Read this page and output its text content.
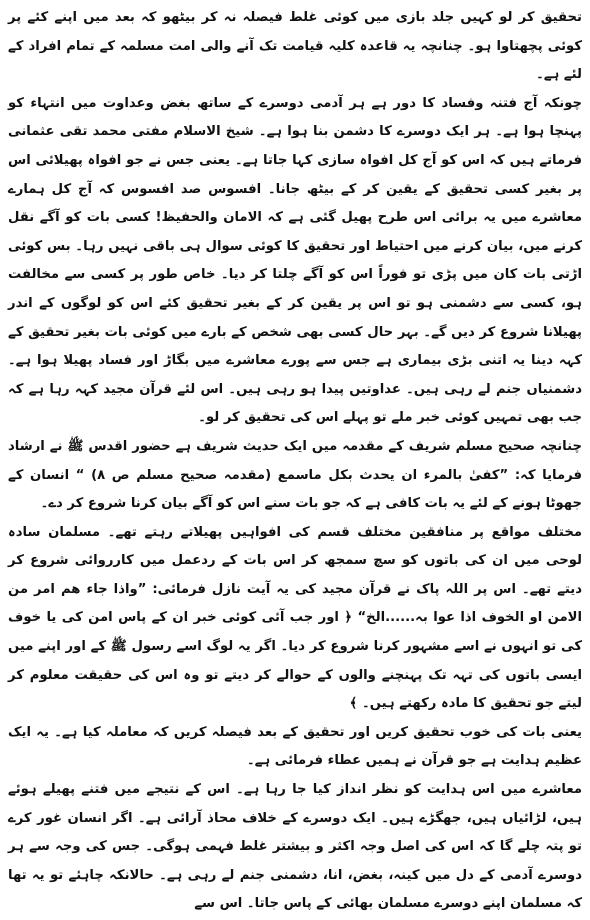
تحقیق کر لو کہیں جلد بازی میں کوئی غلط فیصلہ نہ کر بیٹھو کہ بعد میں اپنے کئے پر کوئی پچھتاوا ہو۔ چنانچہ یہ قاعدہ کلیہ قیامت تک آنے والی امت مسلمہ کے تمام افراد کے لئے ہے۔

چونکہ آج فتنہ وفساد کا دور ہے ہر آدمی دوسرے کے ساتھ بغض وعداوت میں انتہاء کو پہنچا ہوا ہے۔ ہر ایک دوسرے کا دشمن بنا ہوا ہے۔ شیخ الاسلام مفتی محمد تقی عثمانی فرماتے ہیں کہ اس کو آج کل افواہ سازی کہا جاتا ہے۔ یعنی جس نے جو افواہ پھیلائی اس پر بغیر کسی تحقیق کے یقین کر کے بیٹھ جانا۔ افسوس صد افسوس کہ آج کل ہمارے معاشرے میں یہ برائی اس طرح پھیل گئی ہے کہ الامان والحفیظ! کسی بات کو آگے نقل کرنے میں، بیان کرنے میں احتیاط اور تحقیق کا کوئی سوال ہی باقی نہیں رہا۔ بس کوئی اڑتی بات کان میں پڑی تو فوراً اس کو آگے چلتا کر دیا۔ خاص طور پر کسی سے مخالفت ہو، کسی سے دشمنی ہو تو اس پر یقین کر کے بغیر تحقیق کئے اس کو لوگوں کے اندر پھیلانا شروع کر دیں گے۔ بہر حال کسی بھی شخص کے بارے میں کوئی بات بغیر تحقیق کے کہہ دینا یہ اتنی بڑی بیماری ہے جس سے پورے معاشرے میں بگاڑ اور فساد پھیلا ہوا ہے۔ دشمنیاں جنم لے رہی ہیں۔ عداوتیں پیدا ہو رہی ہیں۔ اس لئے قرآن مجید کہہ رہا ہے کہ جب بھی تمہیں کوئی خبر ملے تو پہلے اس کی تحقیق کر لو۔

چنانچہ صحیح مسلم شریف کے مقدمہ میں ایک حدیث شریف ہے حضور اقدس ﷺ نے ارشاد فرمایا کہ: ”کفیٰ بالمرء ان یحدث بکل ماسمع (مقدمہ صحیح مسلم ص ٨) “ انسان کے جھوٹا ہونے کے لئے یہ بات کافی ہے کہ جو بات سنے اس کو آگے بیان کرنا شروع کر دے۔

مختلف مواقع پر منافقین مختلف قسم کی افواہیں پھیلاتے رہتے تھے۔ مسلمان سادہ لوحی میں ان کی باتوں کو سچ سمجھ کر اس بات کے ردعمل میں کارروائی شروع کر دیتے تھے۔ اس پر اللہ پاک نے قرآن مجید کی یہ آیت نازل فرمائی: ”واذا جاء ھم امر من الامن او الخوف اذا عوا بہ......الخ“ ﴿ اور جب آئی کوئی خبر ان کے پاس امن کی یا خوف کی تو انہوں نے اسے مشہور کرنا شروع کر دیا۔ اگر یہ لوگ اسے رسول ﷺ کے اور اپنے میں ایسی باتوں کی تہہ تک پہنچنے والوں کے حوالے کر دیتے تو وہ اس کی حقیقت معلوم کر لیتے جو تحقیق کا مادہ رکھتے ہیں۔ ﴾

یعنی بات کی خوب تحقیق کریں اور تحقیق کے بعد فیصلہ کریں کہ معاملہ کیا ہے۔ یہ ایک عظیم ہدایت ہے جو قرآن نے ہمیں عطاء فرمائی ہے۔

معاشرے میں اس ہدایت کو نظر انداز کیا جا رہا ہے۔ اس کے نتیجے میں فتنے پھیلے ہوئے ہیں، لڑائیاں ہیں، جھگڑے ہیں۔ ایک دوسرے کے خلاف محاذ آرائی ہے۔ اگر انسان غور کرے تو پتہ چلے گا کہ اس کی اصل وجہ اکثر و بیشتر غلط فہمی ہوگی۔ جس کی وجہ سے ہر دوسرے آدمی کے دل میں کینہ، بغض، انا، دشمنی جنم لے رہی ہے۔ حالانکہ چاہئے تو یہ تھا کہ مسلمان اپنے دوسرے مسلمان بھائی کے پاس جاتا۔ اس سے
